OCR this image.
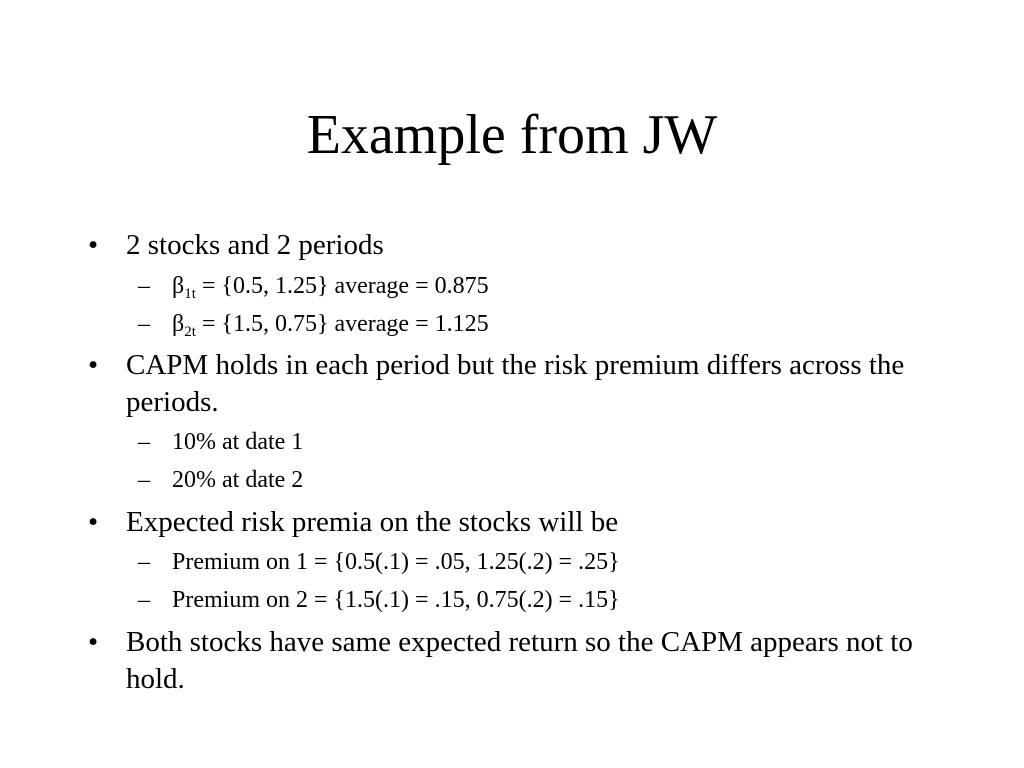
Example from JW
• 2 stocks and 2 periods
– $\beta_{1t} = \{0.5$, 1.25} average = 0.875
– $\beta_{2t} = \{1.5$, 0.75} average = 1.125
• CAPM holds in each period but the risk premium differs across the periods.
– 10% at date 1
– 20% at date 2
• Expected risk premia on the stocks will be
– Premium on 1 = {0.5(.1) = .05, 1.25(.2) = .25}
– Premium on 2 = {1.5(.1) = .15, 0.75(.2) = .15}
• Both stocks have same expected return so the CAPM appears not to hold.
